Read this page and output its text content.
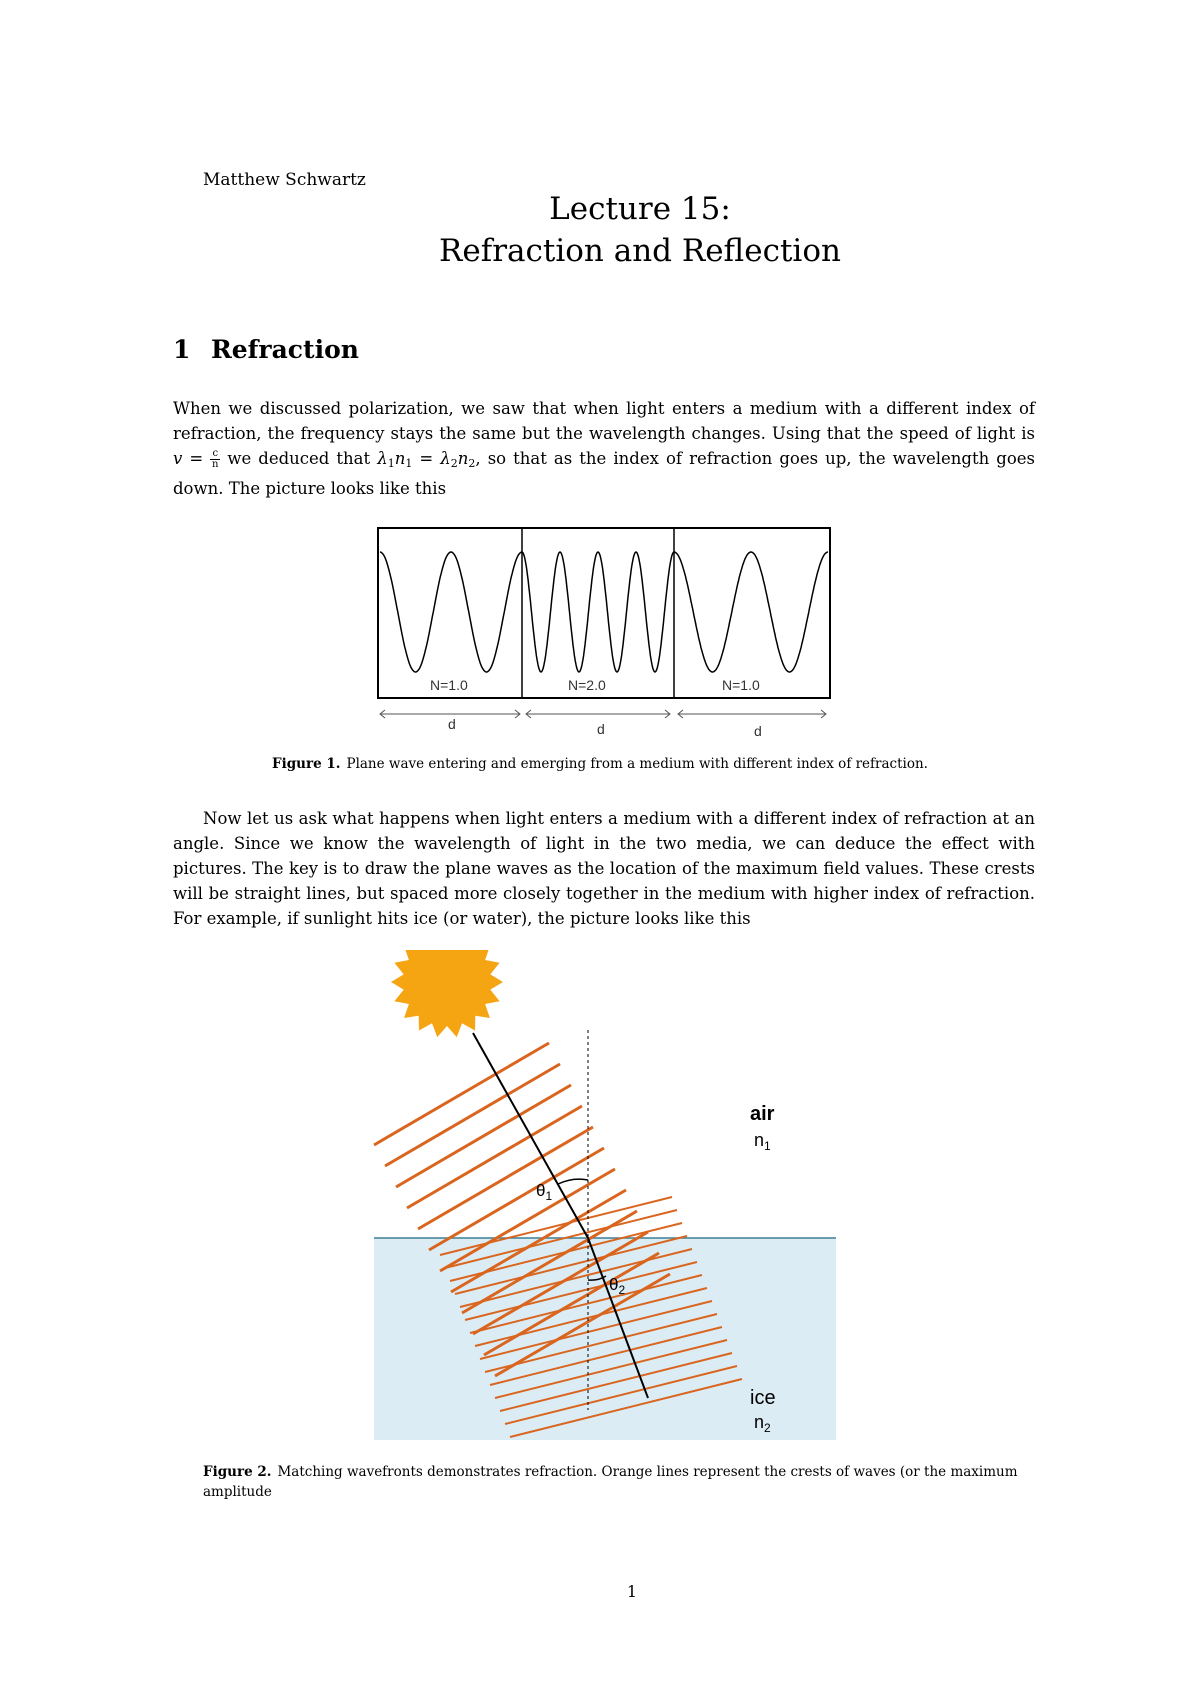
Matthew Schwartz
Lecture 15:
Refraction and Reflection
1 Refraction
When we discussed polarization, we saw that when light enters a medium with a different index of refraction, the frequency stays the same but the wavelength changes. Using that the speed of light is $v = \frac{c}{n}$ we deduced that $\lambda_1n_1 = \lambda_2n_2$, so that as the index of refraction goes up, the wavelength goes down. The picture looks like this
N=1.0	N=2.0	N=1.0
d	d	d
Figure 1. Plane wave entering and emerging from a medium with different index of refraction.
Now let us ask what happens when light enters a medium with a different index of refraction at an angle. Since we know the wavelength of light in the two media, we can deduce the effect with pictures. The key is to draw the plane waves as the location of the maximum field values. These crests will be straight lines, but spaced more closely together in the medium with higher index of refraction. For example, if sunlight hits ice (or water), the picture looks like this
$\theta_1$
$\theta_2$
air
$n_1$
ice
$n_2$
Figure 2. Matching wavefronts demonstrates refraction. Orange lines represent the crests of waves (or the maximum amplitude
1
